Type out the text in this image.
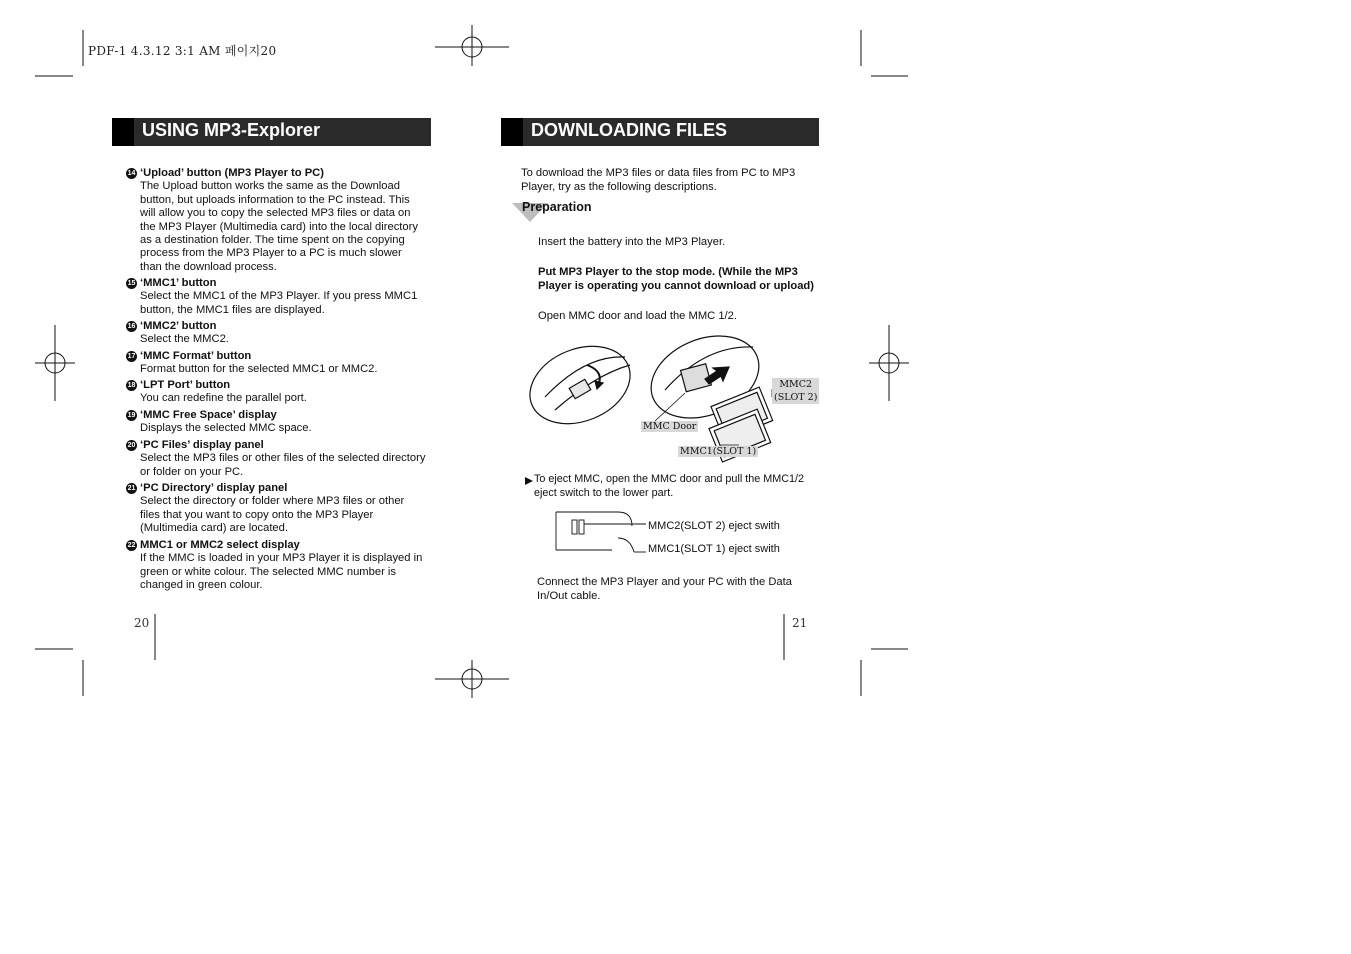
PDF-1 4.3.12 3:1 AM 페이지20
USING MP3-Explorer
14 ‘Upload’ button (MP3 Player to PC)
The Upload button works the same as the Download button, but uploads information to the PC instead. This will allow you to copy the selected MP3 files or data on the MP3 Player (Multimedia card) into the local directory as a destination folder. The time spent on the copying process from the MP3 Player to a PC is much slower than the download process.
15 ‘MMC1’ button
Select the MMC1 of the MP3 Player. If you press MMC1 button, the MMC1 files are displayed.
16 ‘MMC2’ button
Select the MMC2.
17 ‘MMC Format’ button
Format button for the selected MMC1 or MMC2.
18 ‘LPT Port’ button
You can redefine the parallel port.
19 ‘MMC Free Space’ display
Displays the selected MMC space.
20 ‘PC Files’ display panel
Select the MP3 files or other files of the selected directory or folder on your PC.
21 ‘PC Directory’ display panel
Select the directory or folder where MP3 files or other files that you want to copy onto the MP3 Player (Multimedia card) are located.
22 MMC1 or MMC2 select display
If the MMC is loaded in your MP3 Player it is displayed in green or white colour. The selected MMC number is changed in green colour.
20
DOWNLOADING FILES
To download the MP3 files or data files from PC to MP3 Player, try as the following descriptions.
Preparation
Insert the battery into the MP3 Player.
Put MP3 Player to the stop mode. (While the MP3 Player is operating you cannot download or upload)
Open MMC door and load the MMC 1/2.
MMC Door
MMC2
(SLOT 2)
MMC1(SLOT 1)
To eject MMC, open the MMC door and pull the MMC1/2 eject switch to the lower part.
MMC2(SLOT 2) eject swith
MMC1(SLOT 1) eject swith
Connect the MP3 Player and your PC with the Data In/Out cable.
21
